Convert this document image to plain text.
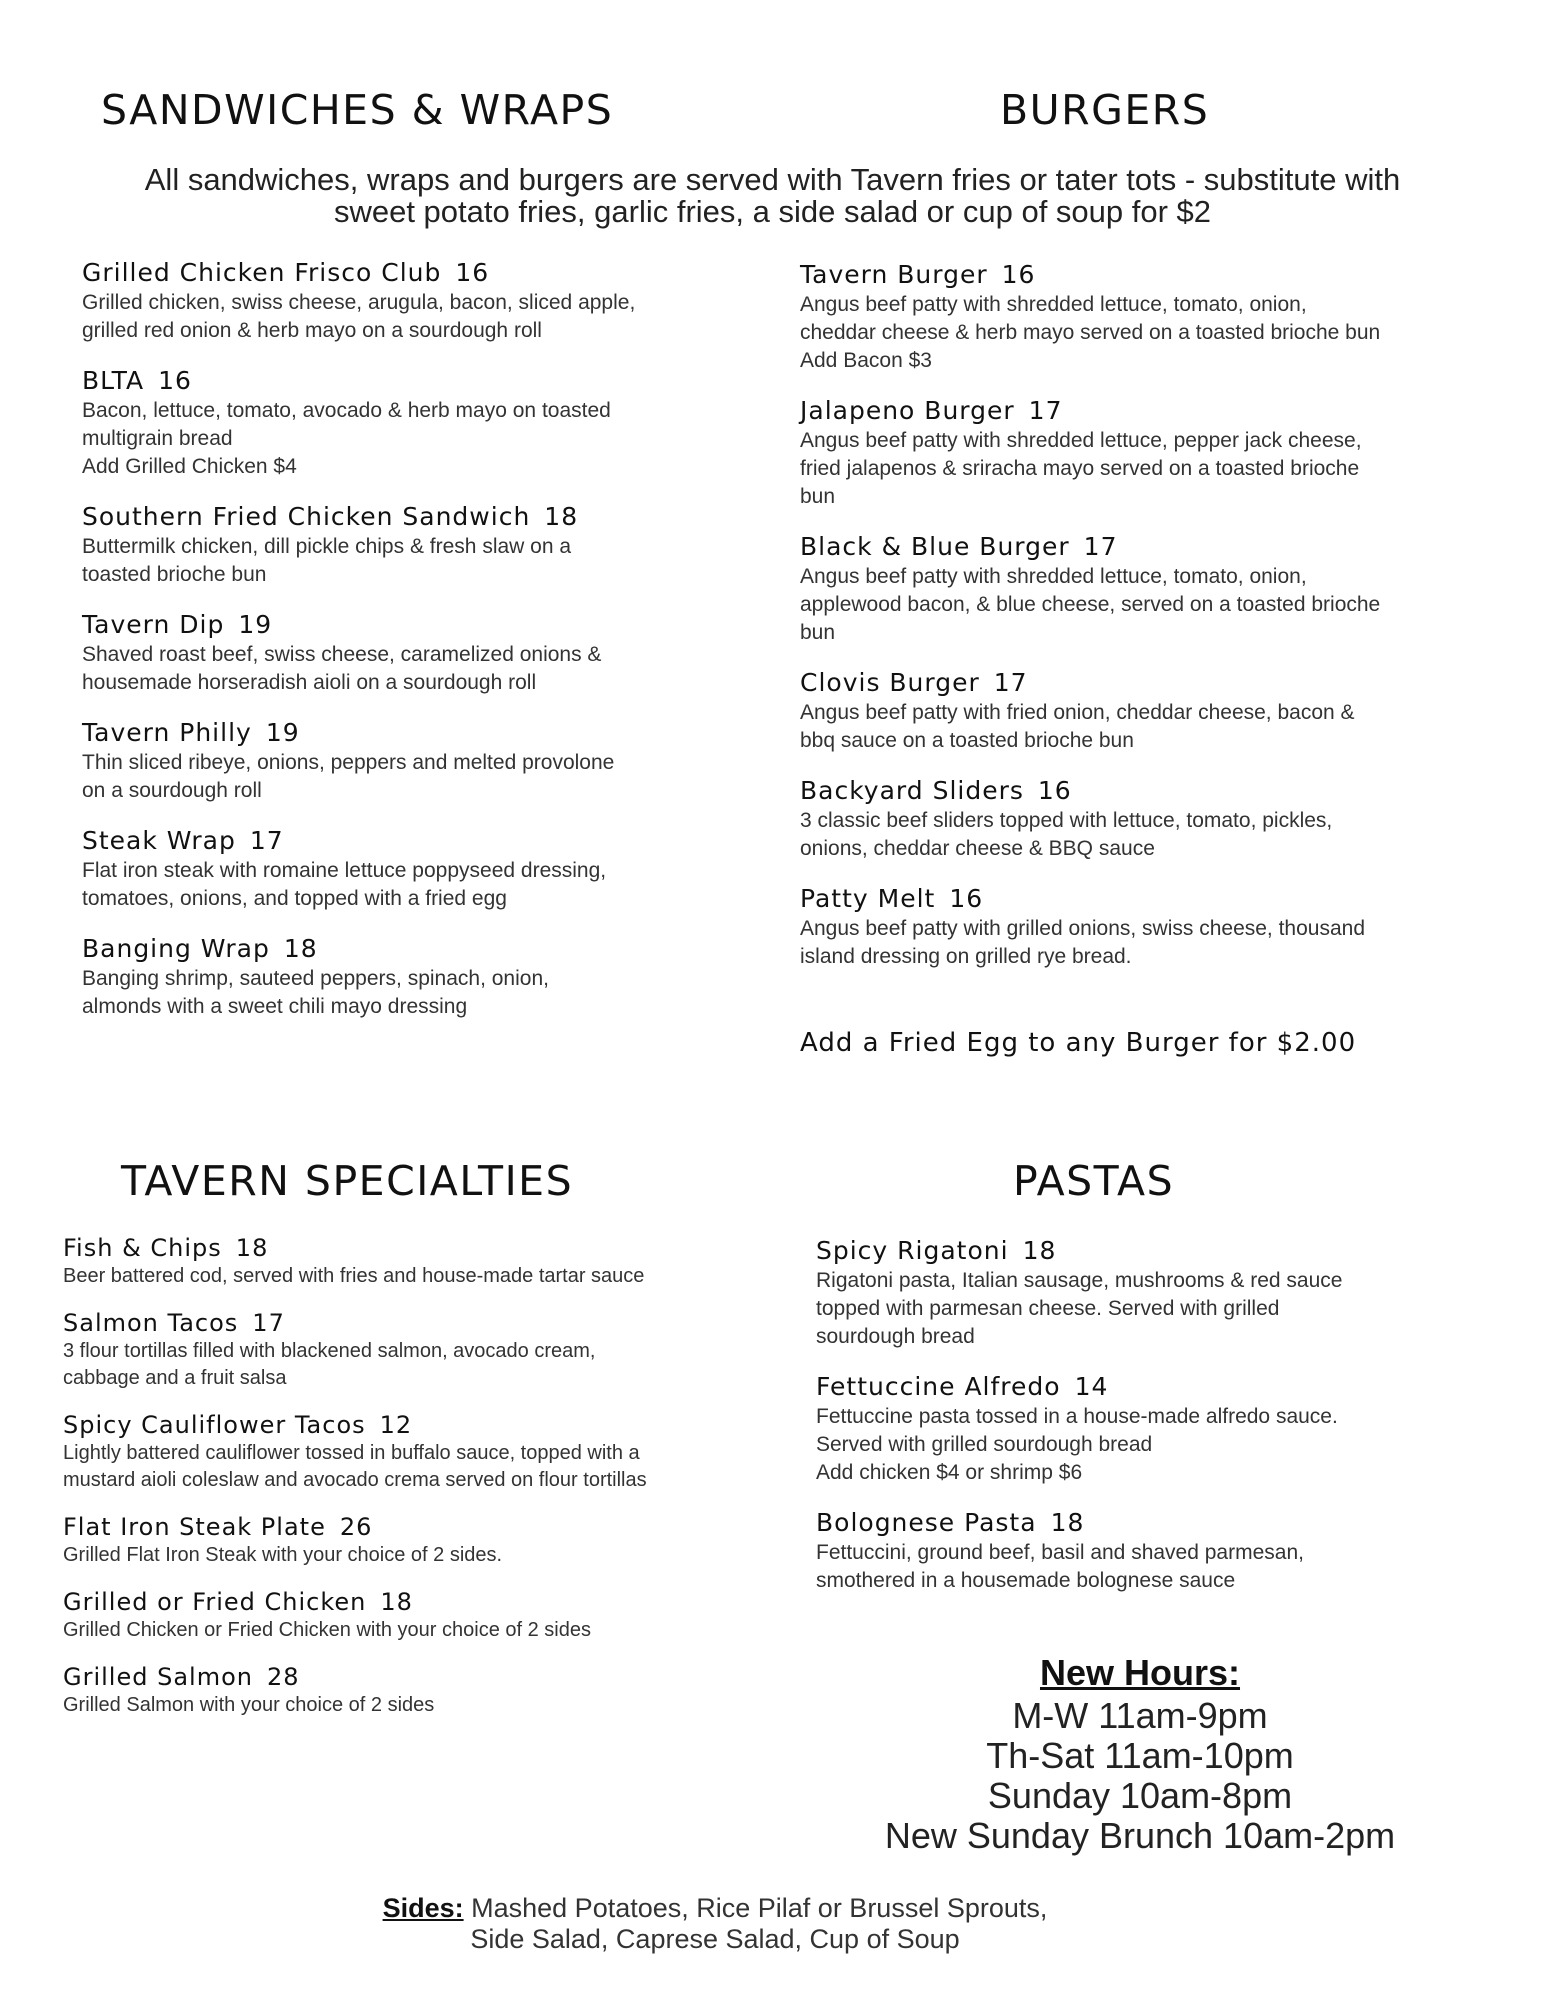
SANDWICHES & WRAPS	BURGERS
All sandwiches, wraps and burgers are served with Tavern fries or tater tots - substitute with
sweet potato fries, garlic fries, a side salad or cup of soup for $2
Grilled Chicken Frisco Club 16
Grilled chicken, swiss cheese, arugula, bacon, sliced apple,
grilled red onion & herb mayo on a sourdough roll
BLTA 16
Bacon, lettuce, tomato, avocado & herb mayo on toasted
multigrain bread
Add Grilled Chicken $4
Southern Fried Chicken Sandwich 18
Buttermilk chicken, dill pickle chips & fresh slaw on a
toasted brioche bun
Tavern Dip 19
Shaved roast beef, swiss cheese, caramelized onions &
housemade horseradish aioli on a sourdough roll
Tavern Philly 19
Thin sliced ribeye, onions, peppers and melted provolone
on a sourdough roll
Steak Wrap 17
Flat iron steak with romaine lettuce poppyseed dressing,
tomatoes, onions, and topped with a fried egg
Banging Wrap 18
Banging shrimp, sauteed peppers, spinach, onion,
almonds with a sweet chili mayo dressing
Tavern Burger 16
Angus beef patty with shredded lettuce, tomato, onion,
cheddar cheese & herb mayo served on a toasted brioche bun
Add Bacon $3
Jalapeno Burger 17
Angus beef patty with shredded lettuce, pepper jack cheese,
fried jalapenos & sriracha mayo served on a toasted brioche
bun
Black & Blue Burger 17
Angus beef patty with shredded lettuce, tomato, onion,
applewood bacon, & blue cheese, served on a toasted brioche
bun
Clovis Burger 17
Angus beef patty with fried onion, cheddar cheese, bacon &
bbq sauce on a toasted brioche bun
Backyard Sliders 16
3 classic beef sliders topped with lettuce, tomato, pickles,
onions, cheddar cheese & BBQ sauce
Patty Melt 16
Angus beef patty with grilled onions, swiss cheese, thousand
island dressing on grilled rye bread.
Add a Fried Egg to any Burger for $2.00
TAVERN SPECIALTIES	PASTAS
Fish & Chips 18
Beer battered cod, served with fries and house-made tartar sauce
Salmon Tacos 17
3 flour tortillas filled with blackened salmon, avocado cream,
cabbage and a fruit salsa
Spicy Cauliflower Tacos 12
Lightly battered cauliflower tossed in buffalo sauce, topped with a
mustard aioli coleslaw and avocado crema served on flour tortillas
Flat Iron Steak Plate 26
Grilled Flat Iron Steak with your choice of 2 sides.
Grilled or Fried Chicken 18
Grilled Chicken or Fried Chicken with your choice of 2 sides
Grilled Salmon 28
Grilled Salmon with your choice of 2 sides
Spicy Rigatoni 18
Rigatoni pasta, Italian sausage, mushrooms & red sauce
topped with parmesan cheese. Served with grilled
sourdough bread
Fettuccine Alfredo 14
Fettuccine pasta tossed in a house-made alfredo sauce.
Served with grilled sourdough bread
Add chicken $4 or shrimp $6
Bolognese Pasta 18
Fettuccini, ground beef, basil and shaved parmesan,
smothered in a housemade bolognese sauce
New Hours:
M-W 11am-9pm
Th-Sat 11am-10pm
Sunday 10am-8pm
New Sunday Brunch 10am-2pm
Sides: Mashed Potatoes, Rice Pilaf or Brussel Sprouts,
Side Salad, Caprese Salad, Cup of Soup
